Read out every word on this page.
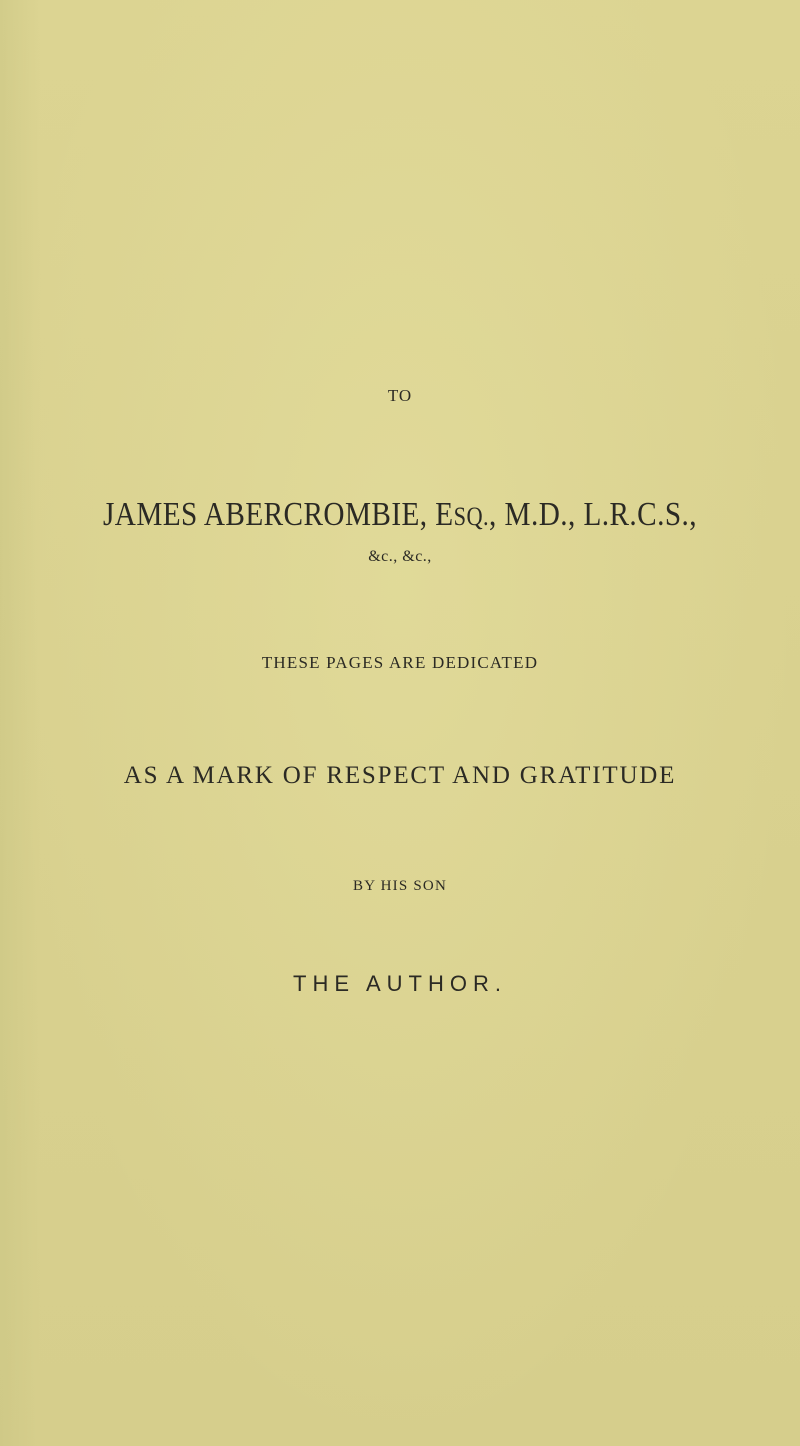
TO
JAMES ABERCROMBIE, ESQ., M.D., L.R.C.S.,
&c., &c.,
THESE PAGES ARE DEDICATED
AS A MARK OF RESPECT AND GRATITUDE
BY HIS SON
THE AUTHOR.
